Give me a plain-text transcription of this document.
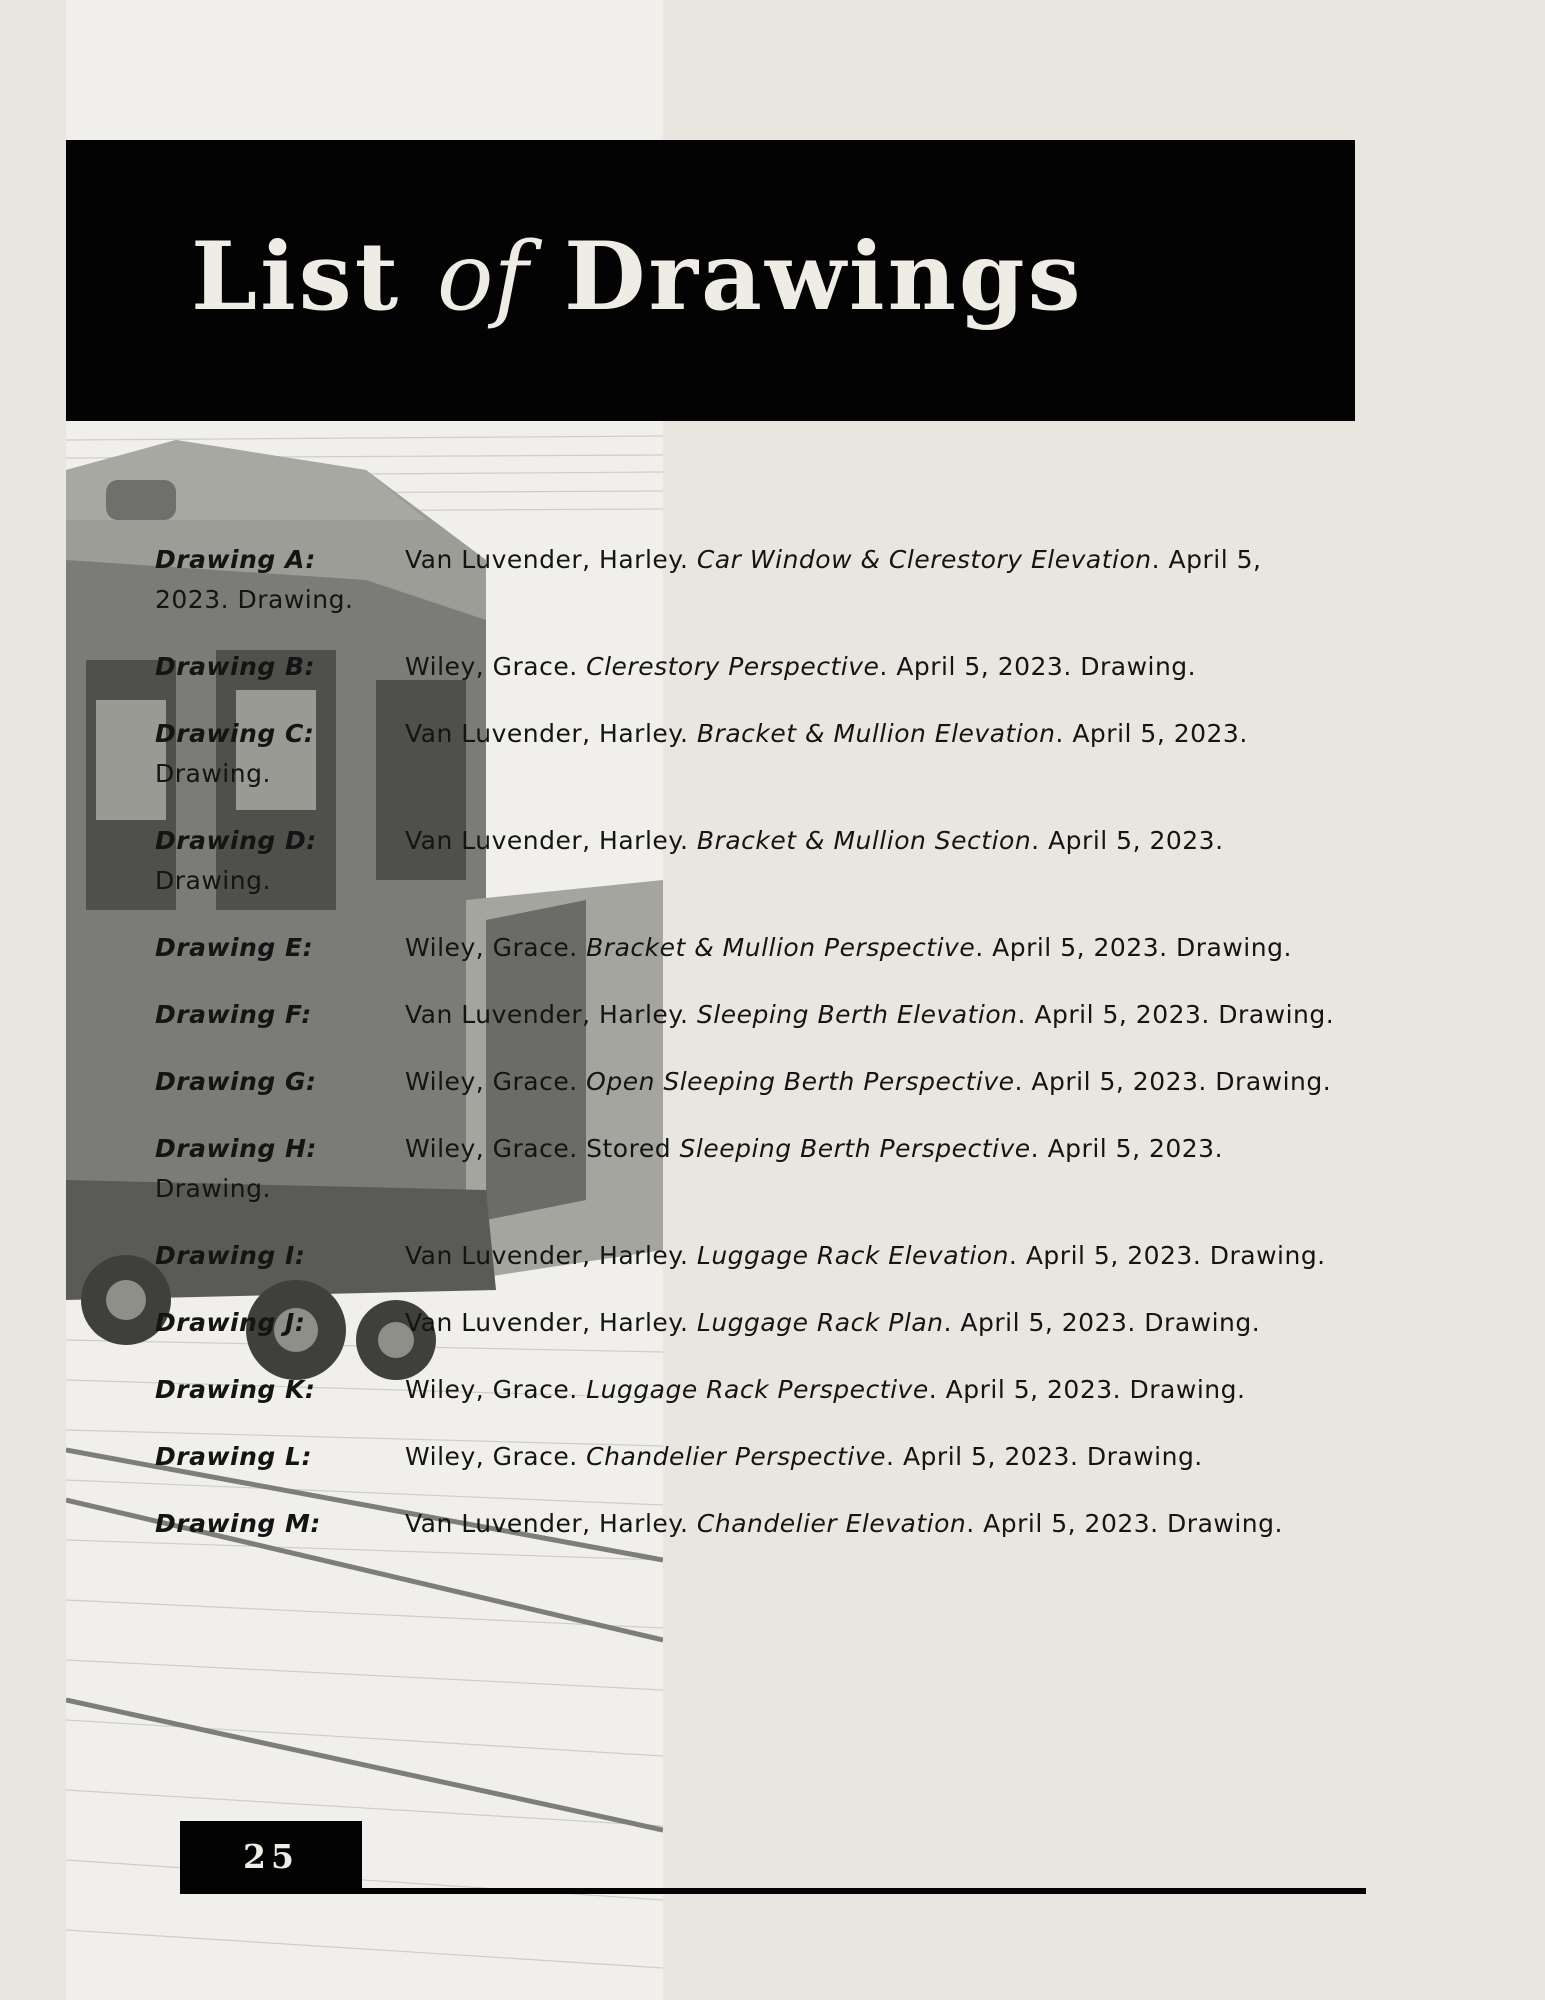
List of Drawings
Drawing A:	Van Luvender, Harley. Car Window & Clerestory Elevation. April 5, 2023. Drawing.
Drawing B:	Wiley, Grace. Clerestory Perspective. April 5, 2023. Drawing.
Drawing C:	Van Luvender, Harley. Bracket & Mullion Elevation. April 5, 2023. Drawing.
Drawing D:	Van Luvender, Harley. Bracket & Mullion Section. April 5, 2023. Drawing.
Drawing E:	Wiley, Grace. Bracket & Mullion Perspective. April 5, 2023. Drawing.
Drawing F:	Van Luvender, Harley. Sleeping Berth Elevation. April 5, 2023. Drawing.
Drawing G:	Wiley, Grace. Open Sleeping Berth Perspective. April 5, 2023. Drawing.
Drawing H:	Wiley, Grace. Stored Sleeping Berth Perspective. April 5, 2023. Drawing.
Drawing I:	Van Luvender, Harley. Luggage Rack Elevation. April 5, 2023. Drawing.
Drawing J:	Van Luvender, Harley. Luggage Rack Plan. April 5, 2023. Drawing.
Drawing K:	Wiley, Grace. Luggage Rack Perspective. April 5, 2023. Drawing.
Drawing L:	Wiley, Grace. Chandelier Perspective. April 5, 2023. Drawing.
Drawing M:	Van Luvender, Harley. Chandelier Elevation. April 5, 2023. Drawing.
25
